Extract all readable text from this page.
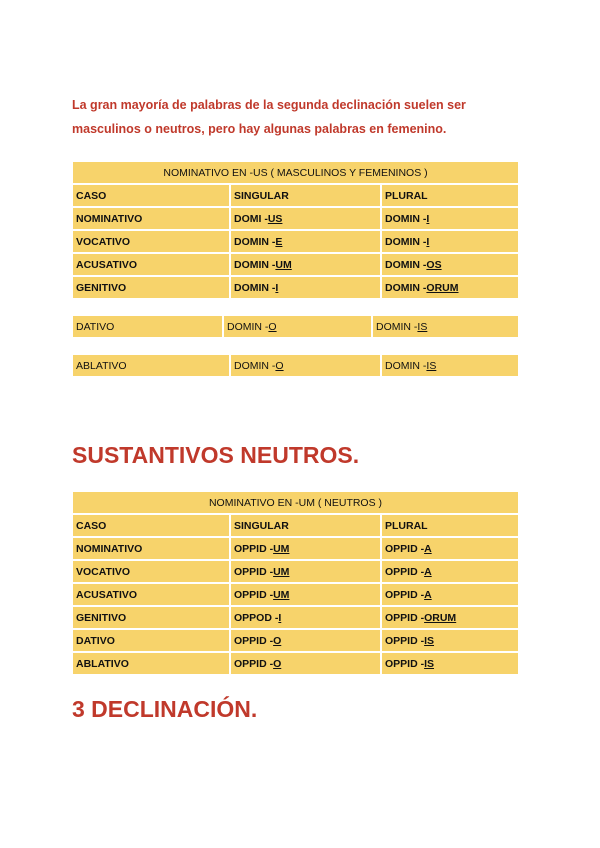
La gran mayoría de palabras de la segunda declinación suelen ser

masculinos o neutros, pero hay algunas palabras en femenino.

NOMINATIVO EN -US ( MASCULINOS Y FEMENINOS )		
CASO	SINGULAR	PLURAL
NOMINATIVO	DOMI -US	DOMIN -I
VOCATIVO	DOMIN -E	DOMIN -I
ACUSATIVO	DOMIN -UM	DOMIN -OS
GENITIVO	DOMIN -I	DOMIN -ORUM
DATIVO	DOMIN -O	DOMIN -IS
ABLATIVO	DOMIN -O	DOMIN -IS
SUSTANTIVOS NEUTROS.
NOMINATIVO EN -UM ( NEUTROS )		
CASO	SINGULAR	PLURAL
NOMINATIVO	OPPID -UM	OPPID -A
VOCATIVO	OPPID -UM	OPPID -A
ACUSATIVO	OPPID -UM	OPPID -A
GENITIVO	OPPOD -I	OPPID -ORUM
DATIVO	OPPID -O	OPPID -IS
ABLATIVO	OPPID -O	OPPID -IS
3 DECLINACIÓN.
